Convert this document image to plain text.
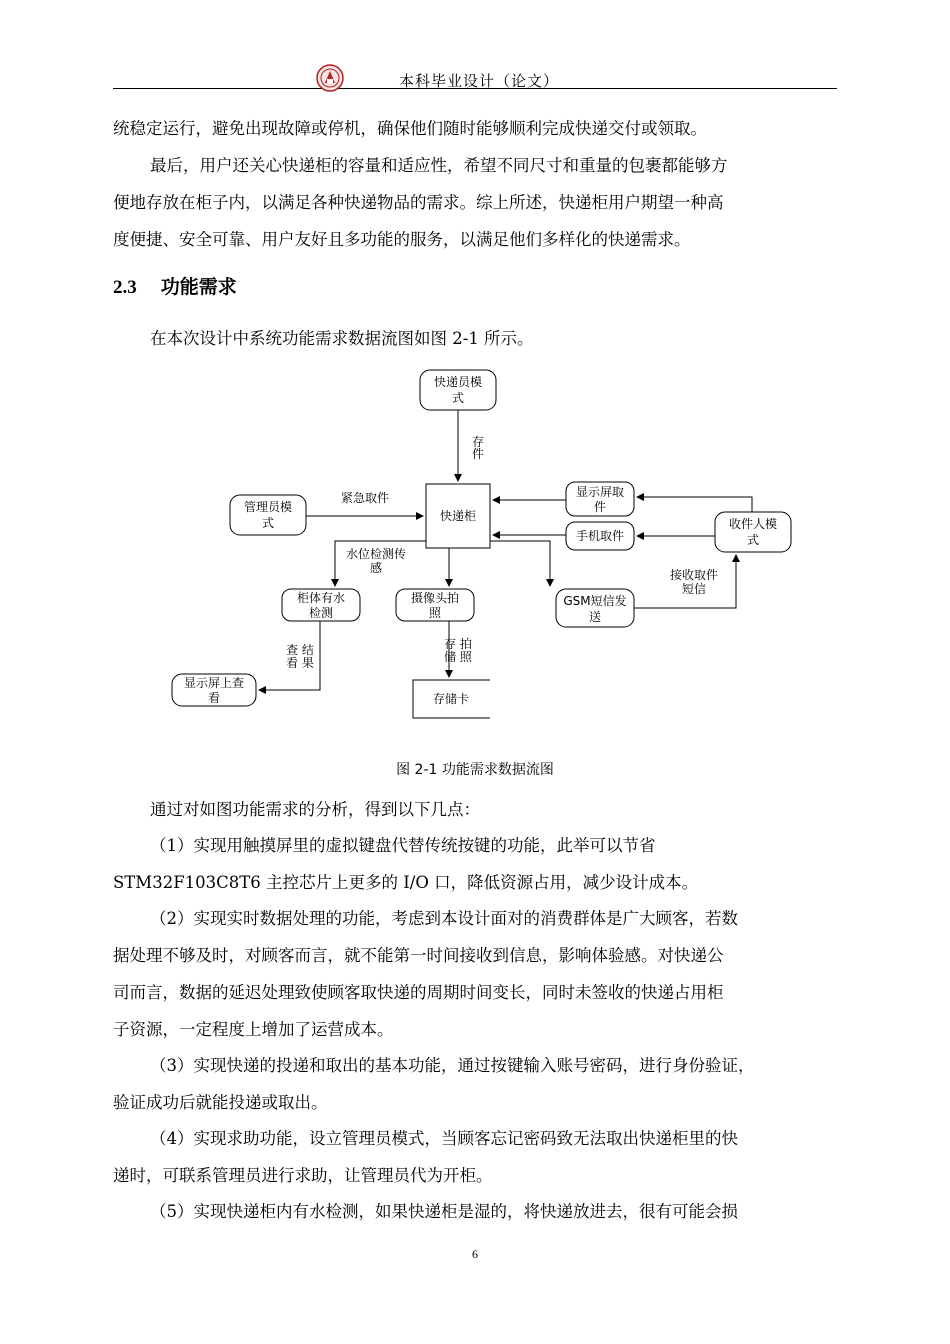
本科毕业设计（论文）
统稳定运行，避免出现故障或停机，确保他们随时能够顺利完成快递交付或领取。
最后，用户还关心快递柜的容量和适应性，希望不同尺寸和重量的包裹都能够方
便地存放在柜子内，以满足各种快递物品的需求。综上所述，快递柜用户期望一种高
度便捷、安全可靠、用户友好且多功能的服务，以满足他们多样化的快递需求。
2.3 功能需求
在本次设计中系统功能需求数据流图如图 2-1 所示。
快递员模
式
管理员模
式	快递柜
显示屏取
件
手机取件
收件人模
式
柜体有水
检测
摄像头拍
照
GSM短信发
送
显示屏上查
看	存储卡
存
件
紧急取件
水位检测传
感
查 结
看 果
存 拍
储 照
接收取件
短信
图 2-1 功能需求数据流图
通过对如图功能需求的分析，得到以下几点：
（1）实现用触摸屏里的虚拟键盘代替传统按键的功能，此举可以节省
STM32F103C8T6 主控芯片上更多的 I/O 口，降低资源占用，减少设计成本。
（2）实现实时数据处理的功能，考虑到本设计面对的消费群体是广大顾客，若数
据处理不够及时，对顾客而言，就不能第一时间接收到信息，影响体验感。对快递公
司而言，数据的延迟处理致使顾客取快递的周期时间变长，同时未签收的快递占用柜
子资源，一定程度上增加了运营成本。
（3）实现快递的投递和取出的基本功能，通过按键输入账号密码，进行身份验证，
验证成功后就能投递或取出。
（4）实现求助功能，设立管理员模式，当顾客忘记密码致无法取出快递柜里的快
递时，可联系管理员进行求助，让管理员代为开柜。
（5）实现快递柜内有水检测，如果快递柜是湿的，将快递放进去，很有可能会损
6
